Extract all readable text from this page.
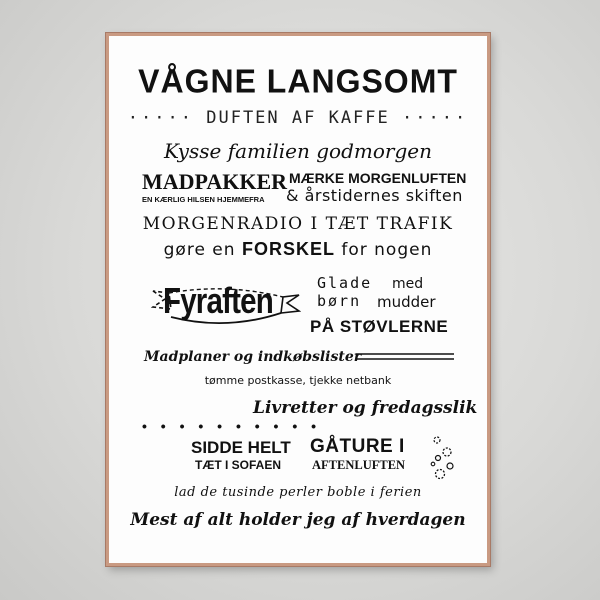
VÅGNE LANGSOMT
····· DUFTEN AF KAFFE ·····
Kysse familien godmorgen
MADPAKKER
EN KÆRLIG HILSEN HJEMMEFRA
MÆRKE MORGENLUFTEN
& årstidernes skiften
MORGENRADIO I TÆT TRAFIK
gøre en FORSKEL for nogen
Fyraften	Glade
børn
med
mudder
PÅ STØVLERNE
Madplaner og indkøbslister
tømme postkasse, tjekke netbank
Livretter og fredagsslik
• • • • • • • • • •
SIDDE HELT
TÆT I SOFAEN
GÅTURE I
AFTENLUFTEN
lad de tusinde perler boble i ferien
Mest af alt holder jeg af hverdagen
